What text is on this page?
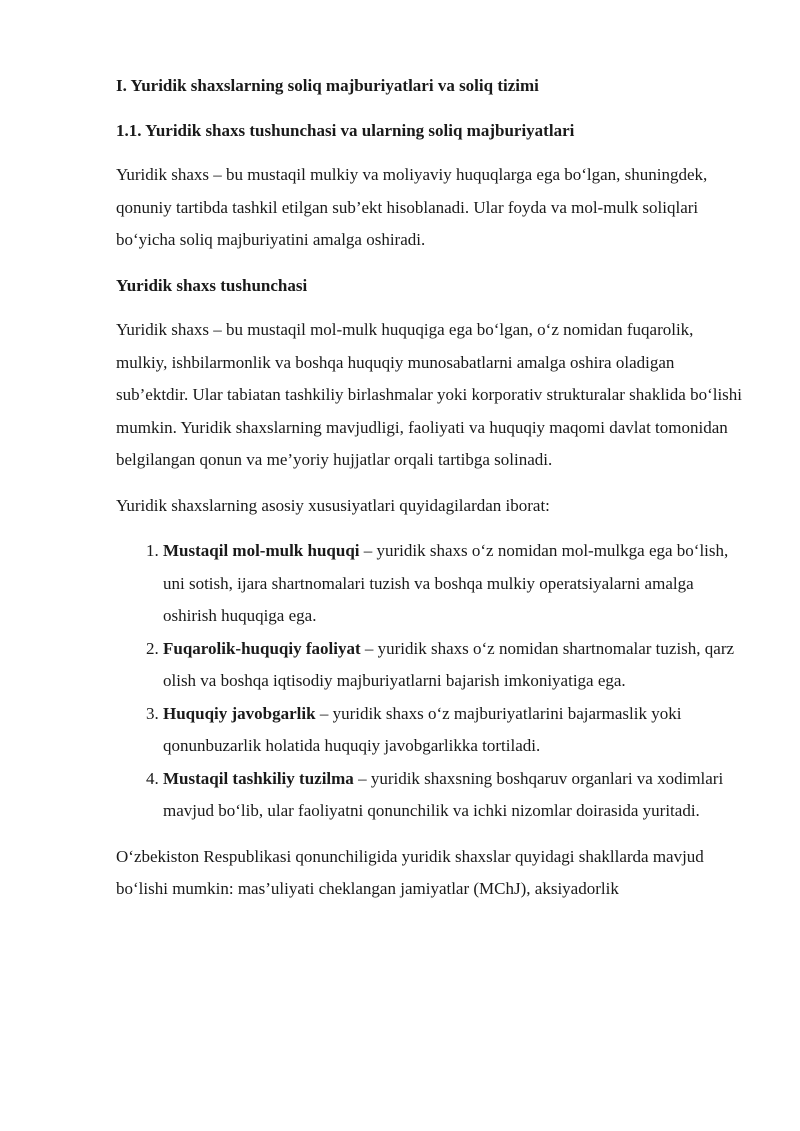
I. Yuridik shaxslarning soliq majburiyatlari va soliq tizimi
1.1. Yuridik shaxs tushunchasi va ularning soliq majburiyatlari

Yuridik shaxs – bu mustaqil mulkiy va moliyaviy huquqlarga ega bo‘lgan, shuningdek, qonuniy tartibda tashkil etilgan sub’ekt hisoblanadi. Ular foyda va mol-mulk soliqlari bo‘yicha soliq majburiyatini amalga oshiradi.

Yuridik shaxs tushunchasi

Yuridik shaxs – bu mustaqil mol-mulk huquqiga ega bo‘lgan, o‘z nomidan fuqarolik, mulkiy, ishbilarmonlik va boshqa huquqiy munosabatlarni amalga oshira oladigan sub’ektdir. Ular tabiatan tashkiliy birlashmalar yoki korporativ strukturalar shaklida bo‘lishi mumkin. Yuridik shaxslarning mavjudligi, faoliyati va huquqiy maqomi davlat tomonidan belgilangan qonun va me’yoriy hujjatlar orqali tartibga solinadi.

Yuridik shaxslarning asosiy xususiyatlari quyidagilardan iborat:

1. Mustaqil mol-mulk huquqi – yuridik shaxs o‘z nomidan mol-mulkga ega bo‘lish, uni sotish, ijara shartnomalari tuzish va boshqa mulkiy operatsiyalarni amalga oshirish huquqiga ega.
2. Fuqarolik-huquqiy faoliyat – yuridik shaxs o‘z nomidan shartnomalar tuzish, qarz olish va boshqa iqtisodiy majburiyatlarni bajarish imkoniyatiga ega.
3. Huquqiy javobgarlik – yuridik shaxs o‘z majburiyatlarini bajarmaslik yoki qonunbuzarlik holatida huquqiy javobgarlikka tortiladi.
4. Mustaqil tashkiliy tuzilma – yuridik shaxsning boshqaruv organlari va xodimlari mavjud bo‘lib, ular faoliyatni qonunchilik va ichki nizomlar doirasida yuritadi.

O‘zbekiston Respublikasi qonunchiligida yuridik shaxslar quyidagi shakllarda mavjud bo‘lishi mumkin: mas’uliyati cheklangan jamiyatlar (MChJ), aksiyadorlik
